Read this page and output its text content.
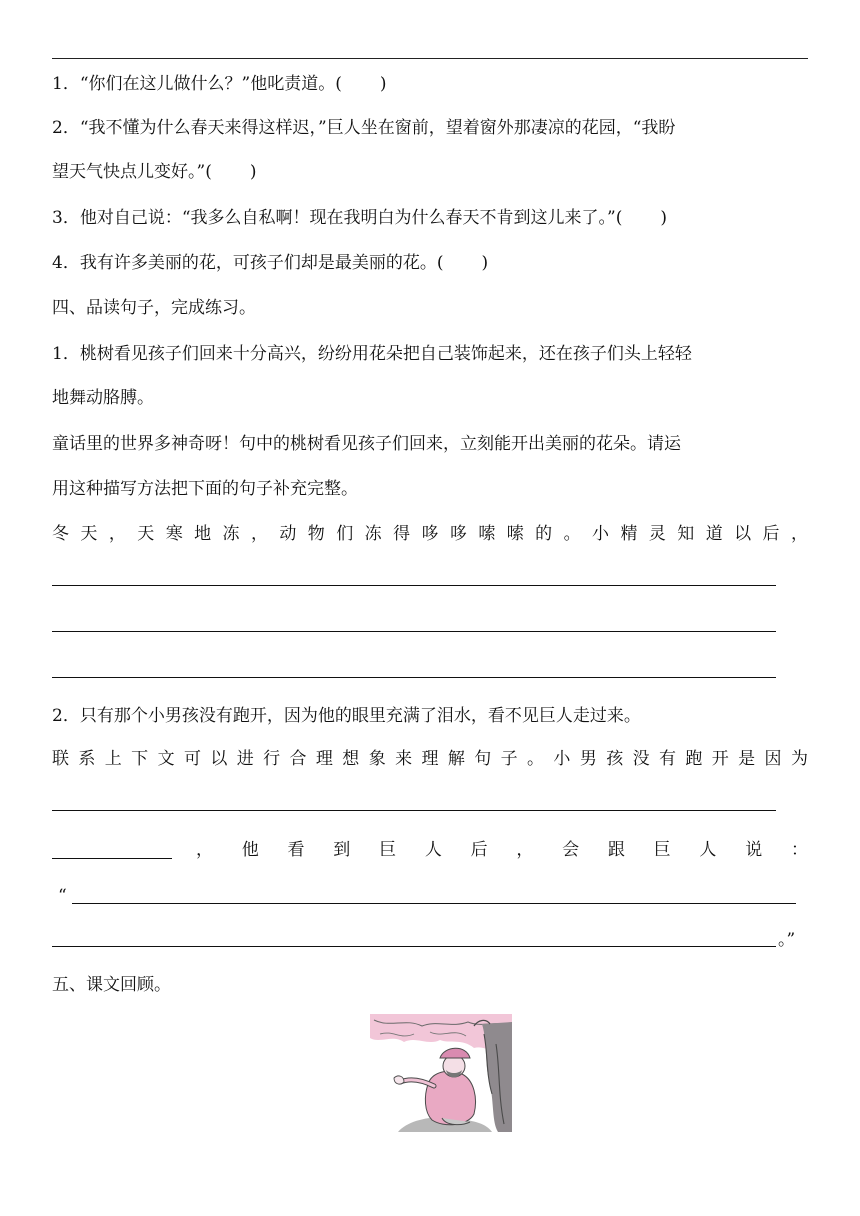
1．“你们在这儿做什么？”他叱责道。( )
2．“我不懂为什么春天来得这样迟，”巨人坐在窗前，望着窗外那凄凉的花园，“我盼
望天气快点儿变好。”( )
3．他对自己说：“我多么自私啊！现在我明白为什么春天不肯到这儿来了。”( )
4．我有许多美丽的花，可孩子们却是最美丽的花。( )
四、品读句子，完成练习。
1．桃树看见孩子们回来十分高兴，纷纷用花朵把自己装饰起来，还在孩子们头上轻轻
地舞动胳膊。
童话里的世界多神奇呀！句中的桃树看见孩子们回来，立刻能开出美丽的花朵。请运
用这种描写方法把下面的句子补充完整。
冬 天 ， 天 寒 地 冻 ， 动 物 们 冻 得 哆 哆 嗦 嗦 的 。 小 精 灵 知 道 以 后 ，
2．只有那个小男孩没有跑开，因为他的眼里充满了泪水，看不见巨人走过来。
联 系 上 下 文 可 以 进 行 合 理 想 象 来 理 解 句 子 。 小 男 孩 没 有 跑 开 是 因 为
， 他 看 到 巨 人 后 ， 会 跟 巨 人 说 ：
“
。”
五、课文回顾。
